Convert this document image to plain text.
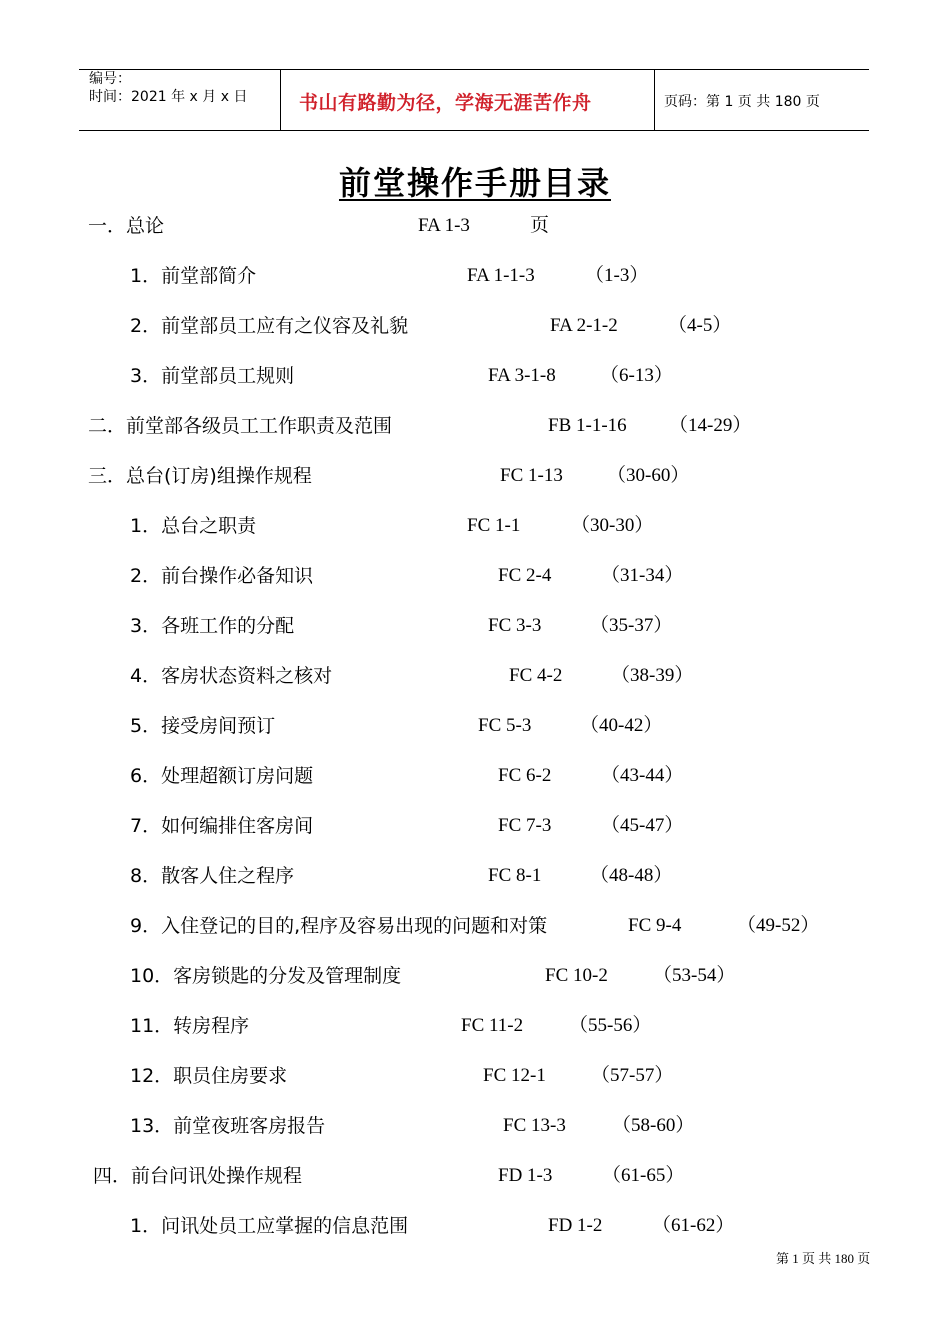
编号：
时间：2021 年 x 月 x 日	书山有路勤为径，学海无涯苦作舟	页码：第 1 页 共 180 页
前堂操作手册目录
一．总论	FA 1-3	页
1．前堂部简介	FA 1-1-3	（1-3）
2．前堂部员工应有之仪容及礼貌	FA 2-1-2	（4-5）
3．前堂部员工规则	FA 3-1-8 （6-13）
二．前堂部各级员工工作职责及范围	FB 1-1-16 （14-29）
三．总台(订房)组操作规程	FC 1-13 （30-60）
1．总台之职责	FC 1-1	（30-30）
2．前台操作必备知识	FC 2-4	（31-34）
3．各班工作的分配	FC 3-3	（35-37）
4．客房状态资料之核对	FC 4-2	（38-39）
5．接受房间预订	FC 5-3	（40-42）
6．处理超额订房问题	FC 6-2	（43-44）
7．如何编排住客房间	FC 7-3	（45-47）
8．散客人住之程序	FC 8-1	（48-48）
9．入住登记的目的,程序及容易出现的问题和对策	FC 9-4	（49-52）
10．客房锁匙的分发及管理制度	FC 10-2 （53-54）
11．转房程序	FC 11-2 （55-56）
12．职员住房要求	FC 12-1 （57-57）
13．前堂夜班客房报告	FC 13-3 （58-60）
四．前台问讯处操作规程	FD 1-3	（61-65）
1．问讯处员工应掌握的信息范围	FD 1-2	（61-62）
第 1 页 共 180 页
